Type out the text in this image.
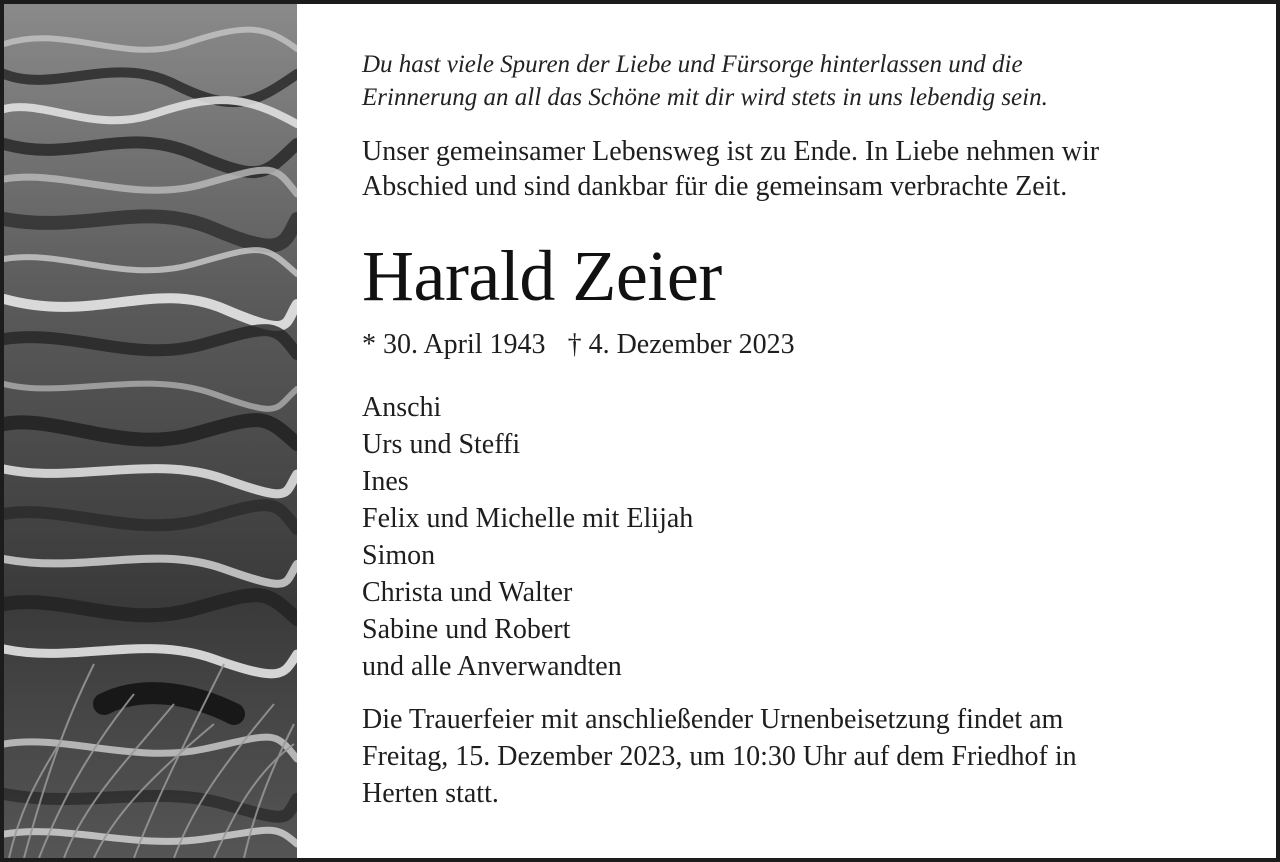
Du hast viele Spuren der Liebe und Fürsorge hinterlassen und die
Erinnerung an all das Schöne mit dir wird stets in uns lebendig sein.

Unser gemeinsamer Lebensweg ist zu Ende. In Liebe nehmen wir
Abschied und sind dankbar für die gemeinsam verbrachte Zeit.

Harald Zeier

* 30. April 1943 † 4. Dezember 2023

Anschi
Urs und Steffi
Ines
Felix und Michelle mit Elijah
Simon
Christa und Walter
Sabine und Robert
und alle Anverwandten

Die Trauerfeier mit anschließender Urnenbeisetzung findet am
Freitag, 15. Dezember 2023, um 10:30 Uhr auf dem Friedhof in
Herten statt.
